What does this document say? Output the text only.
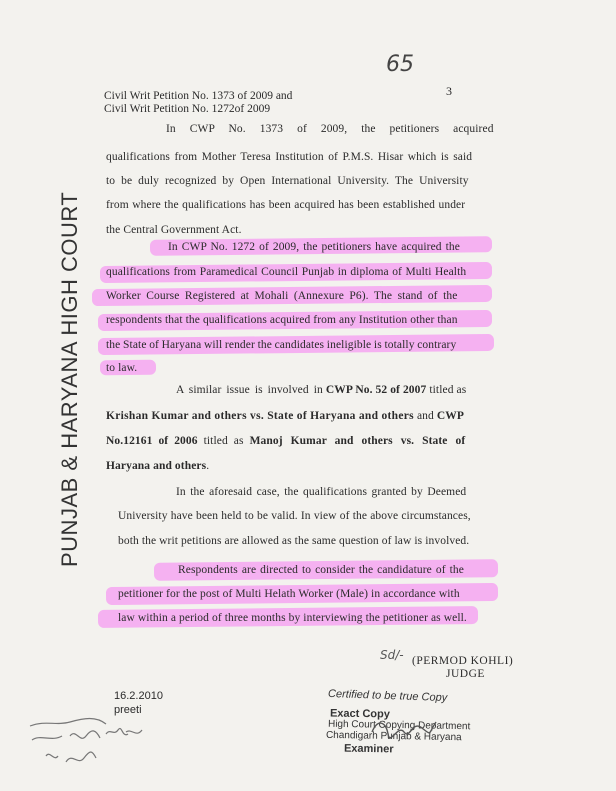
65
3
Civil Writ Petition No. 1373 of 2009 and
Civil Writ Petition No. 1272of 2009
PUNJAB & HARYANA HIGH COURT
In CWP No. 1373 of 2009, the petitioners acquired
qualifications from Mother Teresa Institution of P.M.S. Hisar which is said
to be duly recognized by Open International University. The University
from where the qualifications has been acquired has been established under
the Central Government Act.
In CWP No. 1272 of 2009, the petitioners have acquired the
qualifications from Paramedical Council Punjab in diploma of Multi Health
Worker Course Registered at Mohali (Annexure P6). The stand of the
respondents that the qualifications acquired from any Institution other than
the State of Haryana will render the candidates ineligible is totally contrary
to law.
A similar issue is involved in CWP No. 52 of 2007 titled as
Krishan Kumar and others vs. State of Haryana and others and CWP
No.12161 of 2006 titled as Manoj Kumar and others vs. State of
Haryana and others.
In the aforesaid case, the qualifications granted by Deemed
University have been held to be valid. In view of the above circumstances,
both the writ petitions are allowed as the same question of law is involved.
Respondents are directed to consider the candidature of the
petitioner for the post of Multi Helath Worker (Male) in accordance with
law within a period of three months by interviewing the petitioner as well.
Sd/- (PERMOD KOHLI)
JUDGE
16.2.2010
preeti
Certified to be true Copy
Exact Copy
High Court Copying Department
Chandigarh Punjab & Haryana
Examiner
